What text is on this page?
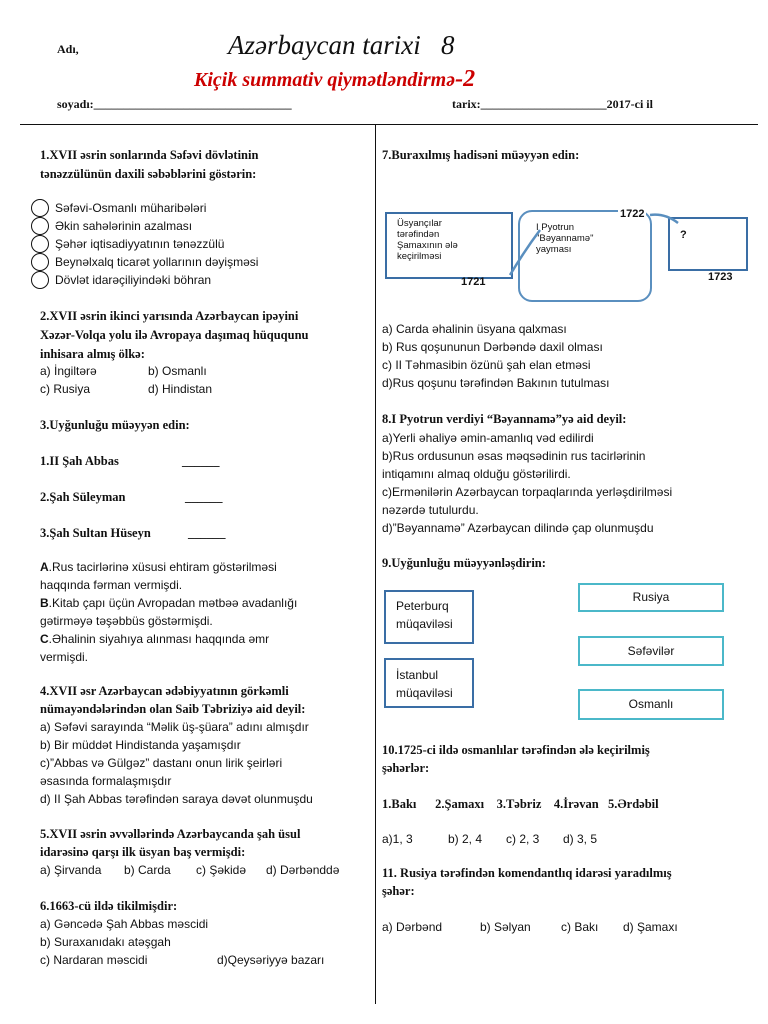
Adı,	Azərbaycan tarixi 8
Kiçik summativ qiymətləndirmə-2
soyadı:_________________________________	tarix:_____________________2017-ci il
1.XVII əsrin sonlarında Səfəvi dövlətinin
tənəzzülünün daxili səbəblərini göstərin:
Səfəvi-Osmanlı müharibələri
Əkin sahələrinin azalması
Şəhər iqtisadiyyatının tənəzzülü
Beynəlxalq ticarət yollarının dəyişməsi
Dövlət idarəçiliyindəki böhran
2.XVII əsrin ikinci yarısında Azərbaycan ipəyini
Xəzər-Volqa yolu ilə Avropaya daşımaq hüququnu
inhisara almış ölkə:
a) İngiltərə	b) Osmanlı
c) Rusiya	d) Hindistan
3.Uyğunluğu müəyyən edin:
1.II Şah Abbas	______
2.Şah Süleyman	______
3.Şah Sultan Hüseyn	______
A.Rus tacirlərinə xüsusi ehtiram göstərilməsi
haqqında fərman vermişdi.
B.Kitab çapı üçün Avropadan mətbəə avadanlığı
gətirməyə təşəbbüs göstərmişdi.
C.Əhalinin siyahıya alınması haqqında əmr
vermişdi.
4.XVII əsr Azərbaycan ədəbiyyatının görkəmli
nümayəndələrindən olan Saib Təbriziyə aid deyil:
a) Səfəvi sarayında “Məlik üş-şüara” adını almışdır
b) Bir müddət Hindistanda yaşamışdır
c)”Abbas və Gülgəz” dastanı onun lirik şeirləri
əsasında formalaşmışdır
d) II Şah Abbas tərəfindən saraya dəvət olunmuşdu
5.XVII əsrin əvvəllərində Azərbaycanda şah üsul
idarəsinə qarşı ilk üsyan baş vermişdi:
a) Şirvanda b) Carda c) Şəkidə d) Dərbənddə
6.1663-cü ildə tikilmişdir:
a) Gəncədə Şah Abbas məscidi
b) Suraxanıdakı atəşgah
c) Nardaran məscidi	d)Qeysəriyyə bazarı
7.Buraxılmış hadisəni müəyyən edin:
Üsyançılar
tərəfindən
Şamaxının ələ
keçirilməsi
1721
I Pyotrun
"Bəyannamə"
yayması
1722
?
1723
a) Carda əhalinin üsyana qalxması
b) Rus qoşununun Dərbəndə daxil olması
c) II Təhmasibin özünü şah elan etməsi
d)Rus qoşunu tərəfindən Bakının tutulması
8.I Pyotrun verdiyi “Bəyannamə”yə aid deyil:
a)Yerli əhaliyə əmin-amanlıq vəd edilirdi
b)Rus ordusunun əsas məqsədinin rus tacirlərinin
intiqamını almaq olduğu göstərilirdi.
c)Ermənilərin Azərbaycan torpaqlarında yerləşdirilməsi
nəzərdə tutulurdu.
d)”Bəyannamə” Azərbaycan dilində çap olunmuşdu
9.Uyğunluğu müəyyənləşdirin:
Peterburq
müqaviləsi
İstanbul
müqaviləsi
Rusiya
Səfəvilər
Osmanlı
10.1725-ci ildə osmanlılar tərəfindən ələ keçirilmiş
şəhərlər:
1.Bakı      2.Şamaxı    3.Təbriz    4.İrəvan   5.Ərdəbil
a)1, 3	b) 2, 4 c) 2, 3 d) 3, 5
11. Rusiya tərəfindən komendantlıq idarəsi yaradılmış
şəhər:
a) Dərbənd	b) Səlyan	c) Bakı d) Şamaxı
